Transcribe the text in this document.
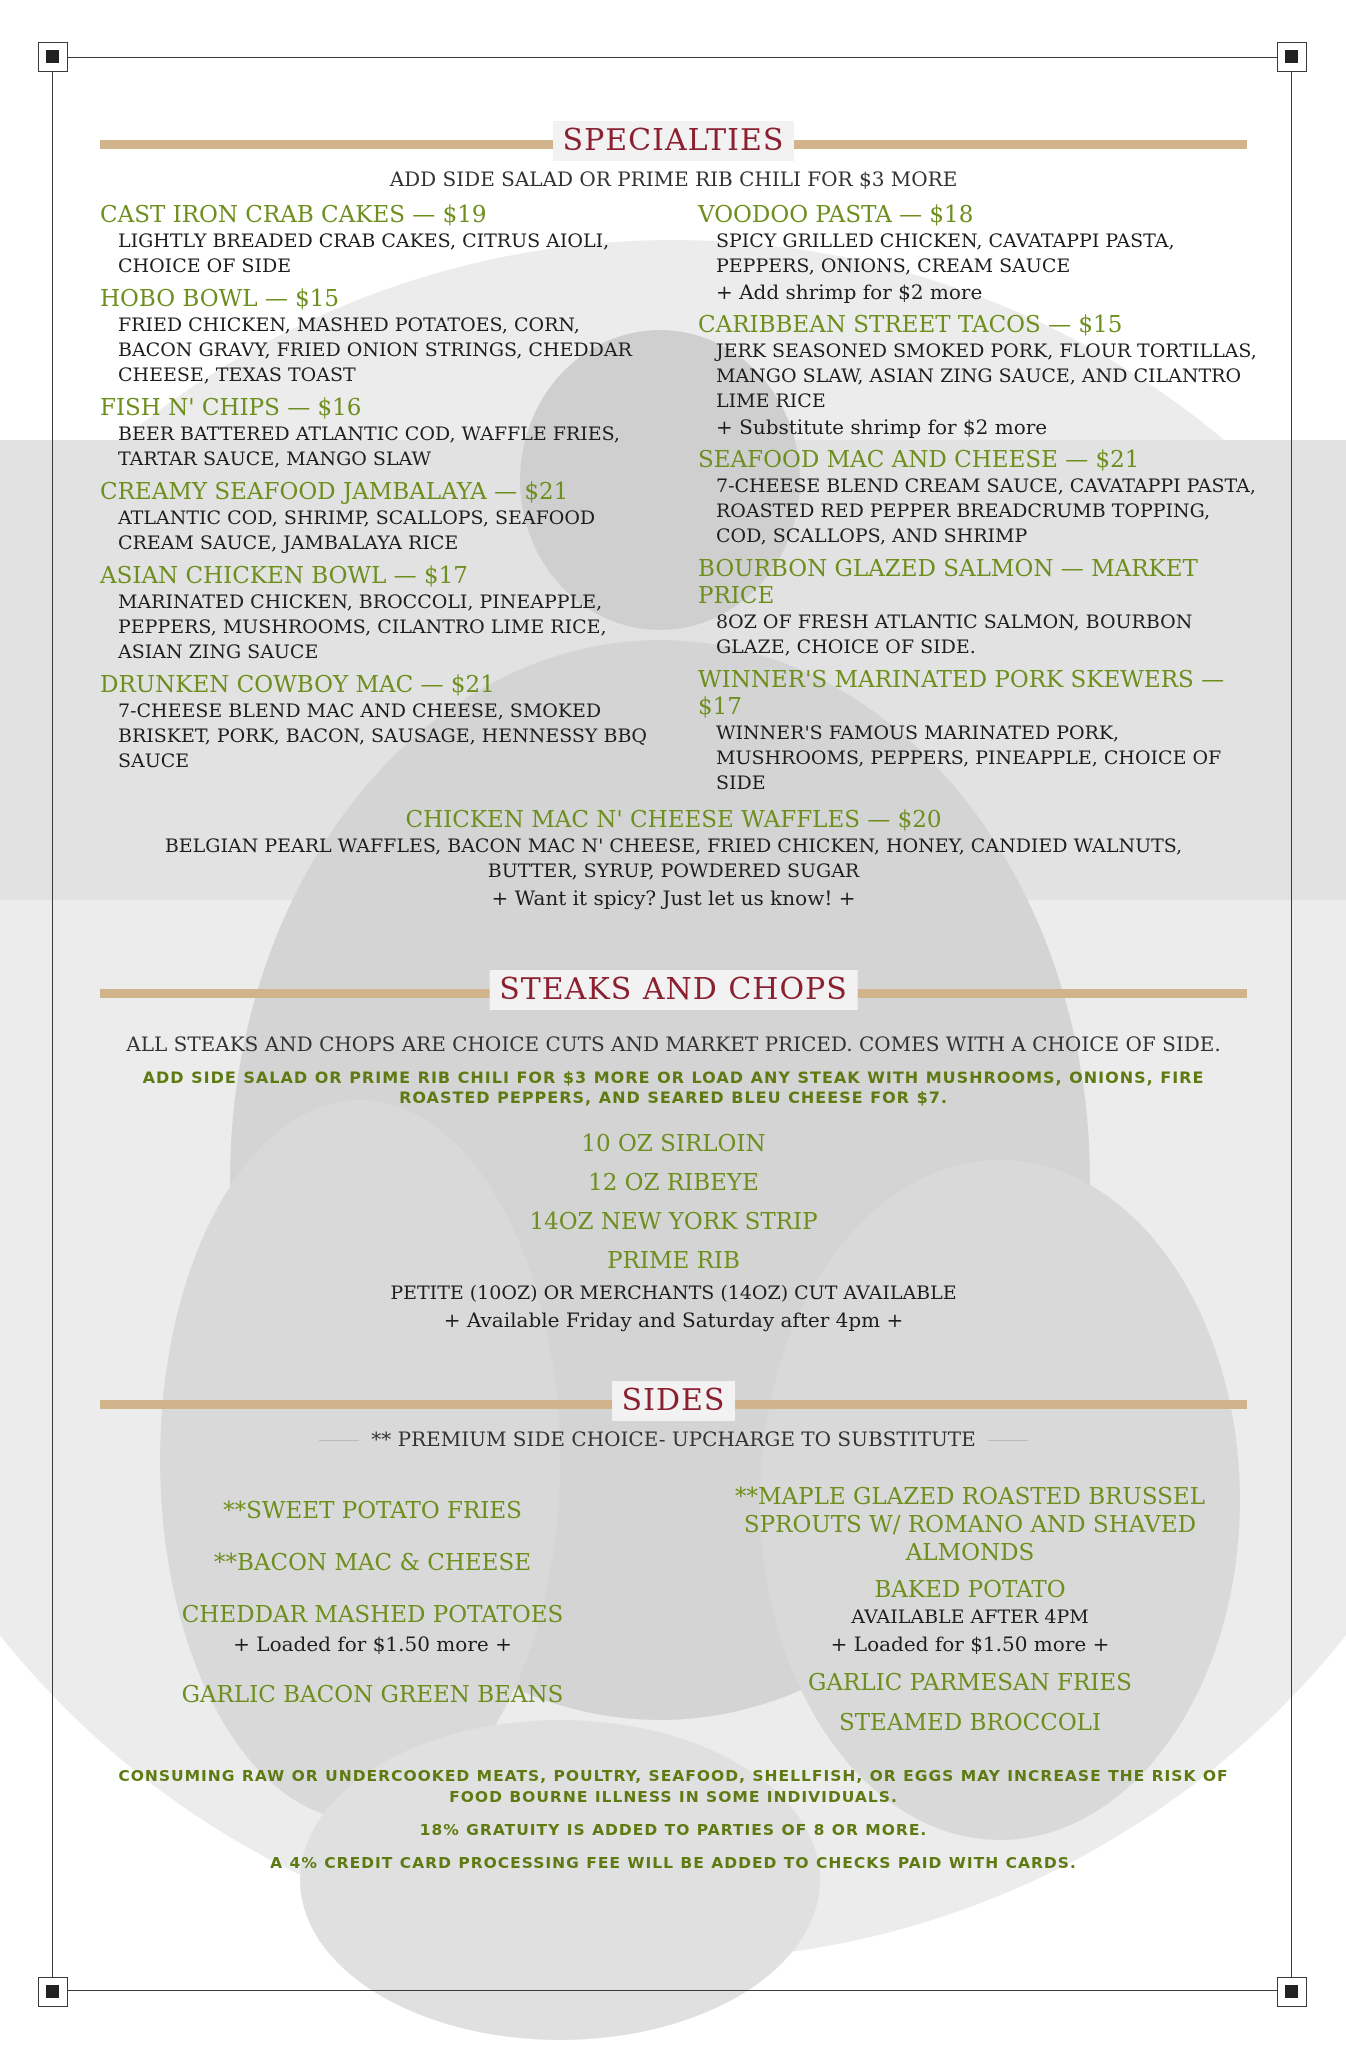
SPECIALTIES
ADD SIDE SALAD OR PRIME RIB CHILI FOR $3 MORE
CAST IRON CRAB CAKES — $19
LIGHTLY BREADED CRAB CAKES, CITRUS AIOLI, CHOICE OF SIDE
HOBO BOWL — $15
FRIED CHICKEN, MASHED POTATOES, CORN, BACON GRAVY, FRIED ONION STRINGS, CHEDDAR CHEESE, TEXAS TOAST
FISH N' CHIPS — $16
BEER BATTERED ATLANTIC COD, WAFFLE FRIES, TARTAR SAUCE, MANGO SLAW
CREAMY SEAFOOD JAMBALAYA — $21
ATLANTIC COD, SHRIMP, SCALLOPS, SEAFOOD CREAM SAUCE, JAMBALAYA RICE
ASIAN CHICKEN BOWL — $17
MARINATED CHICKEN, BROCCOLI, PINEAPPLE, PEPPERS, MUSHROOMS, CILANTRO LIME RICE, ASIAN ZING SAUCE
DRUNKEN COWBOY MAC — $21
7-CHEESE BLEND MAC AND CHEESE, SMOKED BRISKET, PORK, BACON, SAUSAGE, HENNESSY BBQ SAUCE
VOODOO PASTA — $18
SPICY GRILLED CHICKEN, CAVATAPPI PASTA, PEPPERS, ONIONS, CREAM SAUCE
+ Add shrimp for $2 more
CARIBBEAN STREET TACOS — $15
JERK SEASONED SMOKED PORK, FLOUR TORTILLAS, MANGO SLAW, ASIAN ZING SAUCE, AND CILANTRO LIME RICE
+ Substitute shrimp for $2 more
SEAFOOD MAC AND CHEESE — $21
7-CHEESE BLEND CREAM SAUCE, CAVATAPPI PASTA, ROASTED RED PEPPER BREADCRUMB TOPPING, COD, SCALLOPS, AND SHRIMP
BOURBON GLAZED SALMON — MARKET PRICE
8OZ OF FRESH ATLANTIC SALMON, BOURBON GLAZE, CHOICE OF SIDE.
WINNER'S MARINATED PORK SKEWERS — $17
WINNER'S FAMOUS MARINATED PORK, MUSHROOMS, PEPPERS, PINEAPPLE, CHOICE OF SIDE
CHICKEN MAC N' CHEESE WAFFLES — $20
BELGIAN PEARL WAFFLES, BACON MAC N' CHEESE, FRIED CHICKEN, HONEY, CANDIED WALNUTS, BUTTER, SYRUP, POWDERED SUGAR
+ Want it spicy? Just let us know! +
STEAKS AND CHOPS
ALL STEAKS AND CHOPS ARE CHOICE CUTS AND MARKET PRICED. COMES WITH A CHOICE OF SIDE.
ADD SIDE SALAD OR PRIME RIB CHILI FOR $3 MORE OR LOAD ANY STEAK WITH MUSHROOMS, ONIONS, FIRE ROASTED PEPPERS, AND SEARED BLEU CHEESE FOR $7.
10 OZ SIRLOIN
12 OZ RIBEYE
14OZ NEW YORK STRIP
PRIME RIB
PETITE (10OZ) OR MERCHANTS (14OZ) CUT AVAILABLE
+ Available Friday and Saturday after 4pm +
SIDES
** PREMIUM SIDE CHOICE- UPCHARGE TO SUBSTITUTE
**SWEET POTATO FRIES
**BACON MAC & CHEESE
CHEDDAR MASHED POTATOES
+ Loaded for $1.50 more +
GARLIC BACON GREEN BEANS
**MAPLE GLAZED ROASTED BRUSSEL SPROUTS W/ ROMANO AND SHAVED ALMONDS
BAKED POTATO
AVAILABLE AFTER 4PM
+ Loaded for $1.50 more +
GARLIC PARMESAN FRIES
STEAMED BROCCOLI
CONSUMING RAW OR UNDERCOOKED MEATS, POULTRY, SEAFOOD, SHELLFISH, OR EGGS MAY INCREASE THE RISK OF FOOD BOURNE ILLNESS IN SOME INDIVIDUALS.
18% GRATUITY IS ADDED TO PARTIES OF 8 OR MORE.
A 4% CREDIT CARD PROCESSING FEE WILL BE ADDED TO CHECKS PAID WITH CARDS.
